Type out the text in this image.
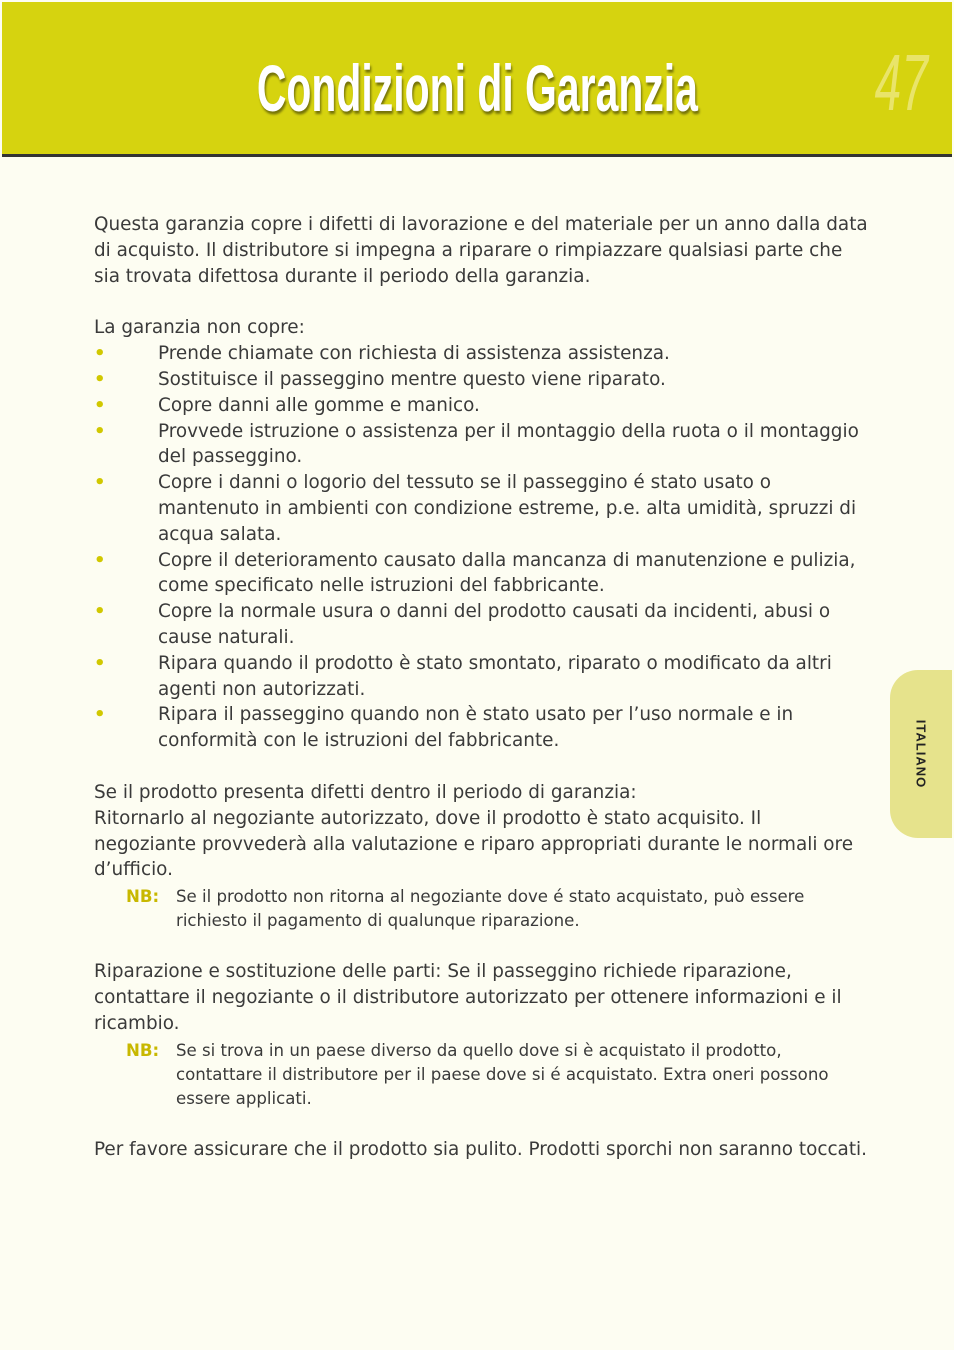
Condizioni di Garanzia	47

Questa garanzia copre i difetti di lavorazione e del materiale per un anno dalla data di acquisto. Il distributore si impegna a riparare o rimpiazzare qualsiasi parte che sia trovata difettosa durante il periodo della garanzia.

La garanzia non copre:

•	Prende chiamate con richiesta di assistenza assistenza.
•	Sostituisce il passeggino mentre questo viene riparato.
•	Copre danni alle gomme e manico.
•	Provvede istruzione o assistenza per il montaggio della ruota o il montaggio del passeggino.
•	Copre i danni o logorio del tessuto se il passeggino é stato usato o mantenuto in ambienti con condizione estreme, p.e. alta umidità, spruzzi di acqua salata.
•	Copre il deterioramento causato dalla mancanza di manutenzione e pulizia, come specificato nelle istruzioni del fabbricante.
•	Copre la normale usura o danni del prodotto causati da incidenti, abusi o cause naturali.
•	Ripara quando il prodotto è stato smontato, riparato o modificato da altri agenti non autorizzati.
•	Ripara il passeggino quando non è stato usato per l’uso normale e in conformità con le istruzioni del fabbricante.

Se il prodotto presenta difetti dentro il periodo di garanzia:

Ritornarlo al negoziante autorizzato, dove il prodotto è stato acquisito. Il negoziante provvederà alla valutazione e riparo appropriati durante le normali ore d’ufficio.

NB: Se il prodotto non ritorna al negoziante dove é stato acquistato, può essere richiesto il pagamento di qualunque riparazione.

Riparazione e sostituzione delle parti: Se il passeggino richiede riparazione, contattare il negoziante o il distributore autorizzato per ottenere informazioni e il ricambio.

NB: Se si trova in un paese diverso da quello dove si è acquistato il prodotto, contattare il distributore per il paese dove si é acquistato. Extra oneri possono essere applicati.

Per favore assicurare che il prodotto sia pulito. Prodotti sporchi non saranno toccati.

ITALIANO
